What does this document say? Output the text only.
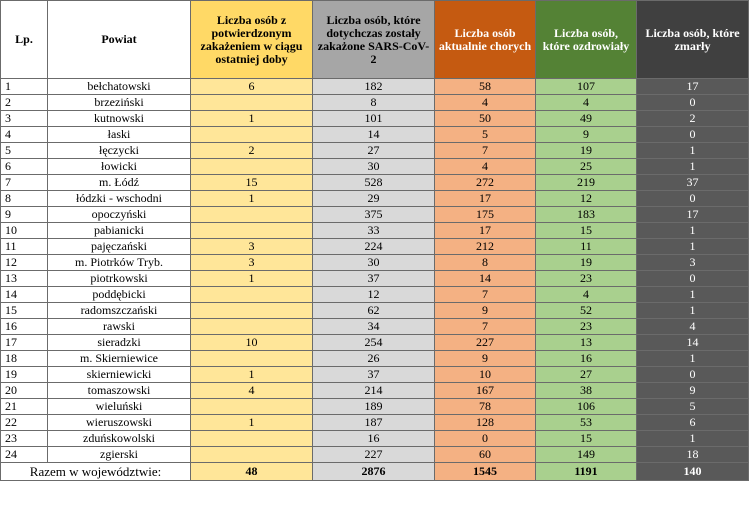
Lp.	Powiat	Liczba osób z potwierdzonym zakażeniem w ciągu ostatniej doby	Liczba osób, które dotychczas zostały zakażone SARS-CoV-2	Liczba osób aktualnie chorych	Liczba osób, które ozdrowiały	Liczba osób, które zmarły
1	bełchatowski	6	182	58	107	17
2	brzeziński		8	4	4	0
3	kutnowski	1	101	50	49	2
4	łaski		14	5	9	0
5	łęczycki	2	27	7	19	1
6	łowicki		30	4	25	1
7	m. Łódź	15	528	272	219	37
8	łódzki - wschodni	1	29	17	12	0
9	opoczyński		375	175	183	17
10	pabianicki		33	17	15	1
11	pajęczański	3	224	212	11	1
12	m. Piotrków Tryb.	3	30	8	19	3
13	piotrkowski	1	37	14	23	0
14	poddębicki		12	7	4	1
15	radomszczański		62	9	52	1
16	rawski		34	7	23	4
17	sieradzki	10	254	227	13	14
18	m. Skierniewice		26	9	16	1
19	skierniewicki	1	37	10	27	0
20	tomaszowski	4	214	167	38	9
21	wieluński		189	78	106	5
22	wieruszowski	1	187	128	53	6
23	zduńskowolski		16	0	15	1
24	zgierski		227	60	149	18
Razem w województwie:		48	2876	1545	1191	140
